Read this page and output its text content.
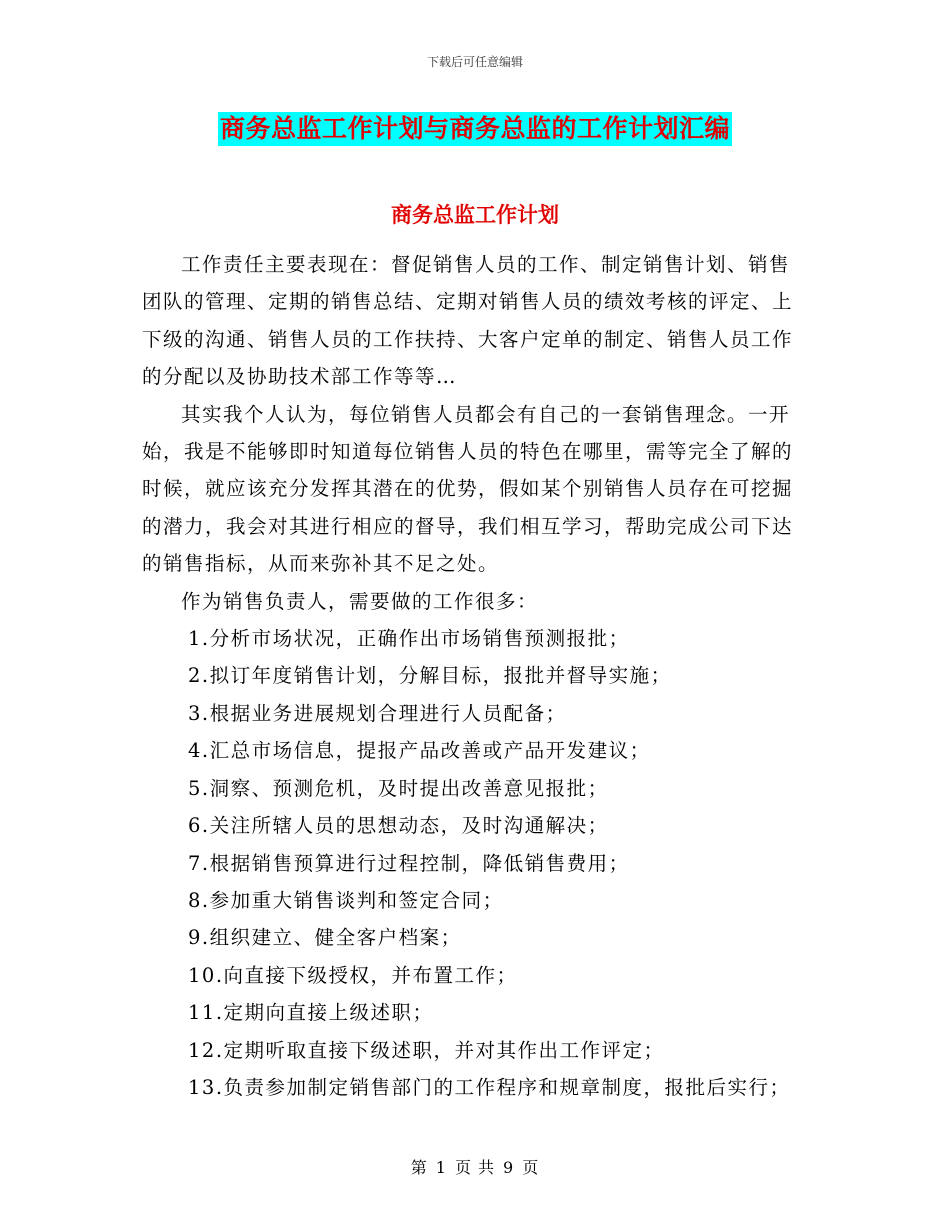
下载后可任意编辑
商务总监工作计划与商务总监的工作计划汇编
商务总监工作计划

工作责任主要表现在：督促销售人员的工作、制定销售计划、销售团队的管理、定期的销售总结、定期对销售人员的绩效考核的评定、上下级的沟通、销售人员的工作扶持、大客户定单的制定、销售人员工作的分配以及协助技术部工作等等…

其实我个人认为，每位销售人员都会有自己的一套销售理念。一开始，我是不能够即时知道每位销售人员的特色在哪里，需等完全了解的时候，就应该充分发挥其潜在的优势，假如某个别销售人员存在可挖掘的潜力，我会对其进行相应的督导，我们相互学习，帮助完成公司下达的销售指标，从而来弥补其不足之处。

作为销售负责人，需要做的工作很多：

1.分析市场状况，正确作出市场销售预测报批；

2.拟订年度销售计划，分解目标，报批并督导实施；

3.根据业务进展规划合理进行人员配备；

4.汇总市场信息，提报产品改善或产品开发建议；

5.洞察、预测危机，及时提出改善意见报批；

6.关注所辖人员的思想动态，及时沟通解决；

7.根据销售预算进行过程控制，降低销售费用；

8.参加重大销售谈判和签定合同；

9.组织建立、健全客户档案；

10.向直接下级授权，并布置工作；

11.定期向直接上级述职；

12.定期听取直接下级述职，并对其作出工作评定；

13.负责参加制定销售部门的工作程序和规章制度，报批后实行；

第 1 页 共 9 页
